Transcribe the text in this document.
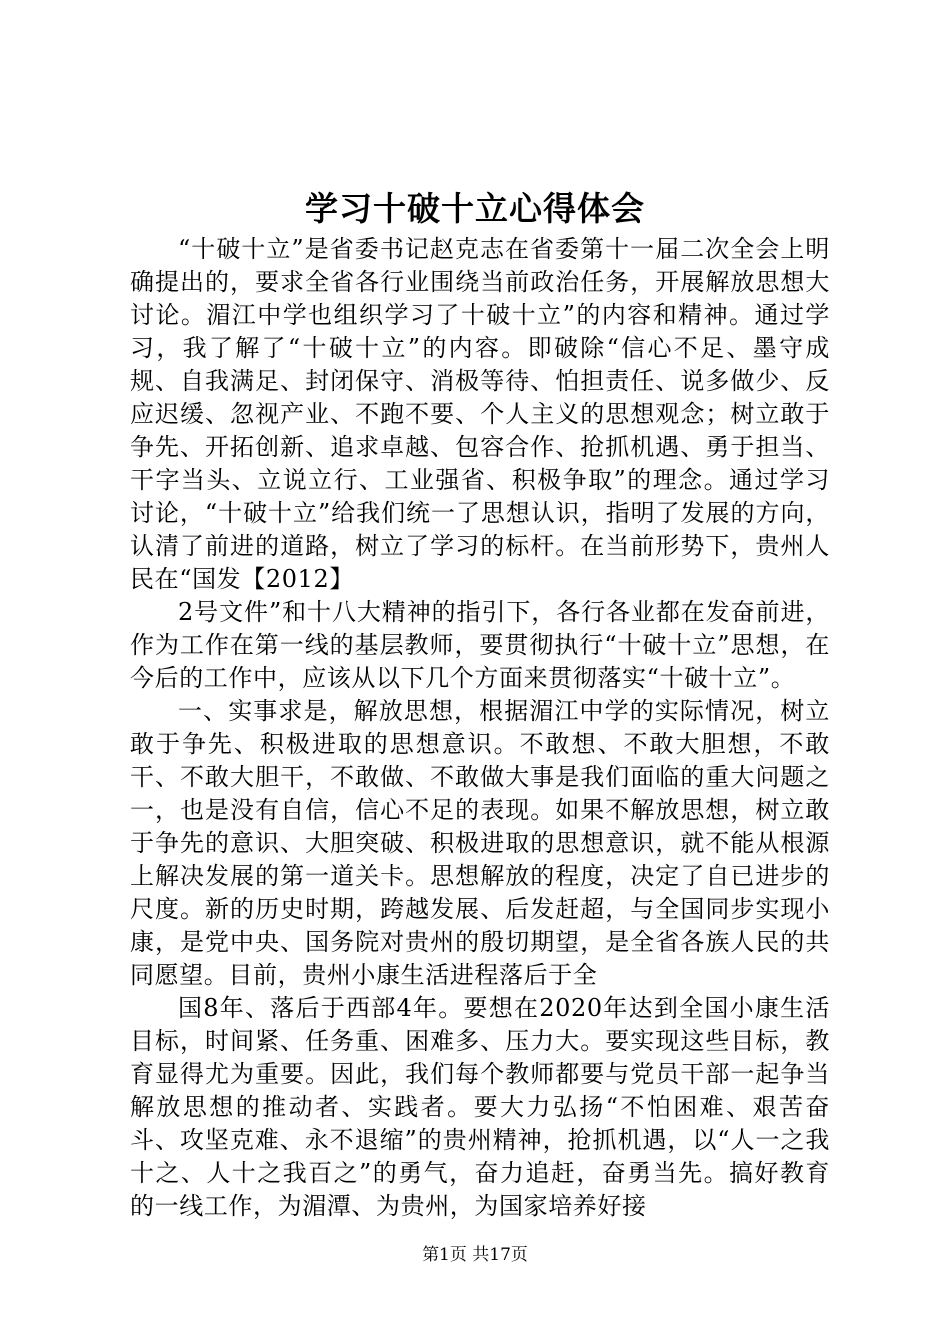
学习十破十立心得体会

“十破十立”是省委书记赵克志在省委第十一届二次全会上明确提出的，要求全省各行业围绕当前政治任务，开展解放思想大讨论。湄江中学也组织学习了十破十立”的内容和精神。通过学习，我了解了“十破十立”的内容。即破除“信心不足、墨守成规、自我满足、封闭保守、消极等待、怕担责任、说多做少、反应迟缓、忽视产业、不跑不要、个人主义的思想观念；树立敢于争先、开拓创新、追求卓越、包容合作、抢抓机遇、勇于担当、干字当头、立说立行、工业强省、积极争取”的理念。通过学习讨论，“十破十立”给我们统一了思想认识，指明了发展的方向，认清了前进的道路，树立了学习的标杆。在当前形势下，贵州人民在“国发【2012】

2号文件”和十八大精神的指引下，各行各业都在发奋前进，作为工作在第一线的基层教师，要贯彻执行“十破十立”思想，在今后的工作中，应该从以下几个方面来贯彻落实“十破十立”。

一、实事求是，解放思想，根据湄江中学的实际情况，树立敢于争先、积极进取的思想意识。不敢想、不敢大胆想，不敢干、不敢大胆干，不敢做、不敢做大事是我们面临的重大问题之一，也是没有自信，信心不足的表现。如果不解放思想，树立敢于争先的意识、大胆突破、积极进取的思想意识，就不能从根源上解决发展的第一道关卡。思想解放的程度，决定了自已进步的尺度。新的历史时期，跨越发展、后发赶超，与全国同步实现小康，是党中央、国务院对贵州的殷切期望，是全省各族人民的共同愿望。目前，贵州小康生活进程落后于全

国8年、落后于西部4年。要想在2020年达到全国小康生活目标，时间紧、任务重、困难多、压力大。要实现这些目标，教育显得尤为重要。因此，我们每个教师都要与党员干部一起争当解放思想的推动者、实践者。要大力弘扬“不怕困难、艰苦奋斗、攻坚克难、永不退缩”的贵州精神，抢抓机遇，以“人一之我十之、人十之我百之”的勇气，奋力追赶，奋勇当先。搞好教育的一线工作，为湄潭、为贵州，为国家培养好接

第1页 共17页
